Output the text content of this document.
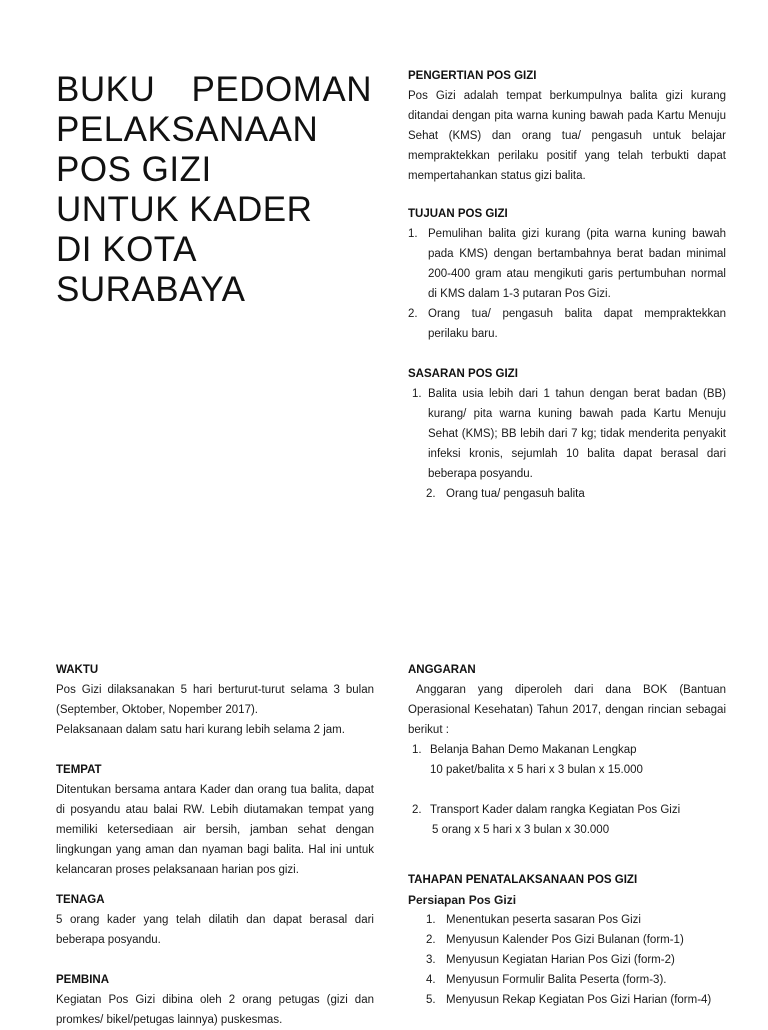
BUKU PEDOMAN
PELAKSANAAN
POS GIZI
UNTUK KADER
DI KOTA
SURABAYA
PENGERTIAN POS GIZI

Pos Gizi adalah tempat berkumpulnya balita gizi kurang ditandai dengan pita warna kuning bawah pada Kartu Menuju Sehat (KMS) dan orang tua/ pengasuh untuk belajar mempraktekkan perilaku positif yang telah terbukti dapat mempertahankan status gizi balita.

TUJUAN POS GIZI
1. Pemulihan balita gizi kurang (pita warna kuning bawah pada KMS) dengan bertambahnya berat badan minimal 200-400 gram atau mengikuti garis pertumbuhan normal di KMS dalam 1-3 putaran Pos Gizi.
2. Orang tua/ pengasuh balita dapat mempraktekkan perilaku baru.
SASARAN POS GIZI
1. Balita usia lebih dari 1 tahun dengan berat badan (BB) kurang/ pita warna kuning bawah pada Kartu Menuju Sehat (KMS); BB lebih dari 7 kg; tidak menderita penyakit infeksi kronis, sejumlah 10 balita dapat berasal dari beberapa posyandu.
2. Orang tua/ pengasuh balita
WAKTU

Pos Gizi dilaksanakan 5 hari berturut-turut selama 3 bulan (September, Oktober, Nopember 2017).

Pelaksanaan dalam satu hari kurang lebih selama 2 jam.

TEMPAT

Ditentukan bersama antara Kader dan orang tua balita, dapat di posyandu atau balai RW. Lebih diutamakan tempat yang memiliki ketersediaan air bersih, jamban sehat dengan lingkungan yang aman dan nyaman bagi balita. Hal ini untuk kelancaran proses pelaksanaan harian pos gizi.

TENAGA

5 orang kader yang telah dilatih dan dapat berasal dari beberapa posyandu.

PEMBINA

Kegiatan Pos Gizi dibina oleh 2 orang petugas (gizi dan promkes/ bikel/petugas lainnya) puskesmas.

ANGGARAN

Anggaran yang diperoleh dari dana BOK (Bantuan Operasional Kesehatan) Tahun 2017, dengan rincian sebagai berikut :

1. Belanja Bahan Demo Makanan Lengkap
10 paket/balita x 5 hari x 3 bulan x 15.000
2. Transport Kader dalam rangka Kegiatan Pos Gizi
5 orang x 5 hari x 3 bulan x 30.000
TAHAPAN PENATALAKSANAAN POS GIZI
Persiapan Pos Gizi
1. Menentukan peserta sasaran Pos Gizi
2. Menyusun Kalender Pos Gizi Bulanan (form-1)
3. Menyusun Kegiatan Harian Pos Gizi (form-2)
4. Menyusun Formulir Balita Peserta (form-3).
5. Menyusun Rekap Kegiatan Pos Gizi Harian (form-4)
